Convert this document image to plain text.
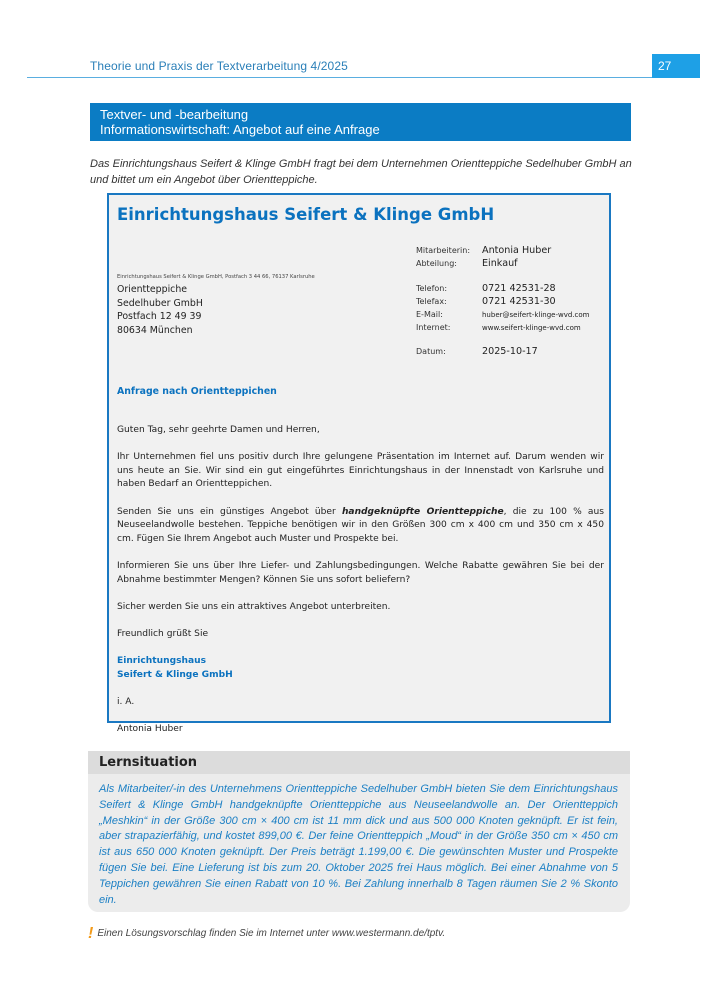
Theorie und Praxis der Textverarbeitung 4/2025	27
Textver- und -bearbeitung
Informationswirtschaft: Angebot auf eine Anfrage
Das Einrichtungshaus Seifert & Klinge GmbH fragt bei dem Unternehmen Orientteppiche Sedelhuber GmbH an und bittet um ein Angebot über Orientteppiche.
Einrichtungshaus Seifert & Klinge GmbH
Einrichtungshaus Seifert & Klinge GmbH, Postfach 3 44 66, 76137 Karlsruhe
Orientteppiche
Sedelhuber GmbH
Postfach 12 49 39
80634 München
Mitarbeiterin: Antonia Huber
Abteilung:	Einkauf
Telefon:	0721 42531-28
Telefax:	0721 42531-30
E-Mail:	huber@seifert-klinge-wvd.com
Internet:	www.seifert-klinge-wvd.com
Datum:	2025-10-17
Anfrage nach Orientteppichen

Guten Tag, sehr geehrte Damen und Herren,

Ihr Unternehmen fiel uns positiv durch Ihre gelungene Präsentation im Internet auf. Darum wenden wir uns heute an Sie. Wir sind ein gut eingeführtes Einrichtungshaus in der Innenstadt von Karlsruhe und haben Bedarf an Orientteppichen.

Senden Sie uns ein günstiges Angebot über handgeknüpfte Orientteppiche, die zu 100 % aus Neuseelandwolle bestehen. Teppiche benötigen wir in den Größen 300 cm x 400 cm und 350 cm x 450 cm. Fügen Sie Ihrem Angebot auch Muster und Prospekte bei.

Informieren Sie uns über Ihre Liefer- und Zahlungsbedingungen. Welche Rabatte gewähren Sie bei der Abnahme bestimmter Mengen? Können Sie uns sofort beliefern?

Sicher werden Sie uns ein attraktives Angebot unterbreiten.

Freundlich grüßt Sie

Einrichtungshaus
Seifert & Klinge GmbH

i. A.

Antonia Huber

Lernsituation
Als Mitarbeiter/-in des Unternehmens Orientteppiche Sedelhuber GmbH bieten Sie dem Einrichtungshaus Seifert & Klinge GmbH handgeknüpfte Orientteppiche aus Neuseelandwolle an. Der Orientteppich „Meshkin“ in der Größe 300 cm × 400 cm ist 11 mm dick und aus 500 000 Knoten geknüpft. Er ist fein, aber strapazierfähig, und kostet 899,00 €. Der feine Orientteppich „Moud“ in der Größe 350 cm × 450 cm ist aus 650 000 Knoten geknüpft. Der Preis beträgt 1.199,00 €. Die gewünschten Muster und Prospekte fügen Sie bei. Eine Lieferung ist bis zum 20. Oktober 2025 frei Haus möglich. Bei einer Abnahme von 5 Teppichen gewähren Sie einen Rabatt von 10 %. Bei Zahlung innerhalb 8 Tagen räumen Sie 2 % Skonto ein.
! Einen Lösungsvorschlag finden Sie im Internet unter www.westermann.de/tptv.
